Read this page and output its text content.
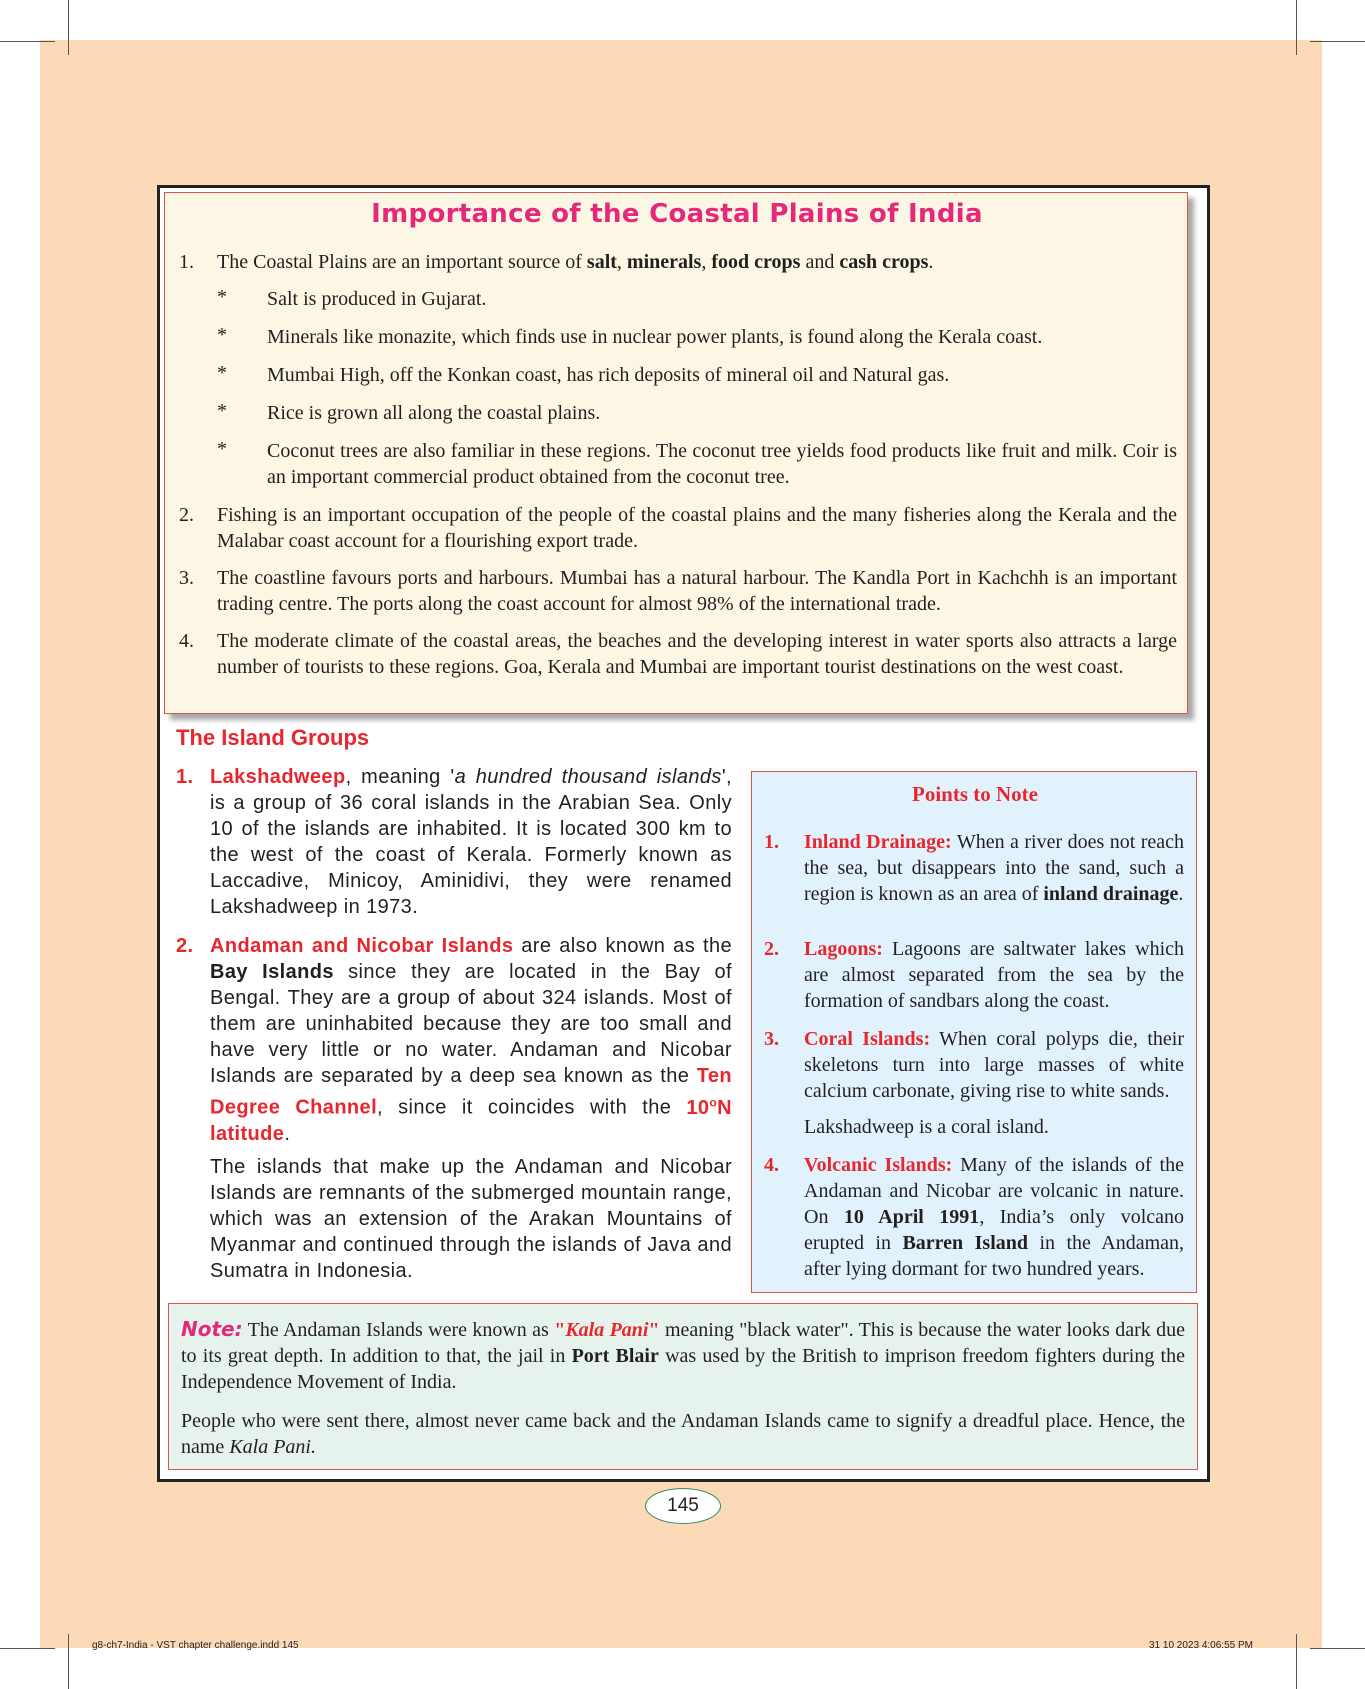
Importance of the Coastal Plains of India
1. The Coastal Plains are an important source of salt, minerals, food crops and cash crops.
* Salt is produced in Gujarat.
* Minerals like monazite, which finds use in nuclear power plants, is found along the Kerala coast.
* Mumbai High, off the Konkan coast, has rich deposits of mineral oil and Natural gas.
* Rice is grown all along the coastal plains.
* Coconut trees are also familiar in these regions. The coconut tree yields food products like fruit and milk. Coir is an important commercial product obtained from the coconut tree.
2. Fishing is an important occupation of the people of the coastal plains and the many fisheries along the Kerala and the Malabar coast account for a flourishing export trade.
3. The coastline favours ports and harbours. Mumbai has a natural harbour. The Kandla Port in Kachchh is an important trading centre. The ports along the coast account for almost 98% of the international trade.
4. The moderate climate of the coastal areas, the beaches and the developing interest in water sports also attracts a large number of tourists to these regions. Goa, Kerala and Mumbai are important tourist destinations on the west coast.
The Island Groups
1. Lakshadweep, meaning 'a hundred thousand islands', is a group of 36 coral islands in the Arabian Sea. Only 10 of the islands are inhabited. It is located 300 km to the west of the coast of Kerala. Formerly known as Laccadive, Minicoy, Aminidivi, they were renamed Lakshadweep in 1973.
2. Andaman and Nicobar Islands are also known as the Bay Islands since they are located in the Bay of Bengal. They are a group of about 324 islands. Most of them are uninhabited because they are too small and have very little or no water. Andaman and Nicobar Islands are separated by a deep sea known as the Ten Degree Channel, since it coincides with the 10$^o$N latitude.
The islands that make up the Andaman and Nicobar Islands are remnants of the submerged mountain range, which was an extension of the Arakan Mountains of Myanmar and continued through the islands of Java and Sumatra in Indonesia.
Points to Note
1. Inland Drainage: When a river does not reach the sea, but disappears into the sand, such a region is known as an area of inland drainage.
2. Lagoons: Lagoons are saltwater lakes which are almost separated from the sea by the formation of sandbars along the coast.
3. Coral Islands: When coral polyps die, their skeletons turn into large masses of white calcium carbonate, giving rise to white sands.
Lakshadweep is a coral island.
4. Volcanic Islands: Many of the islands of the Andaman and Nicobar are volcanic in nature. On 10 April 1991, India’s only volcano erupted in Barren Island in the Andaman, after lying dormant for two hundred years.
Note: The Andaman Islands were known as "Kala Pani" meaning "black water". This is because the water looks dark due to its great depth. In addition to that, the jail in Port Blair was used by the British to imprison freedom fighters during the Independence Movement of India.
People who were sent there, almost never came back and the Andaman Islands came to signify a dreadful place. Hence, the name Kala Pani.
145
g8-ch7-India - VST chapter challenge.indd 145	31 10 2023 4:06:55 PM
